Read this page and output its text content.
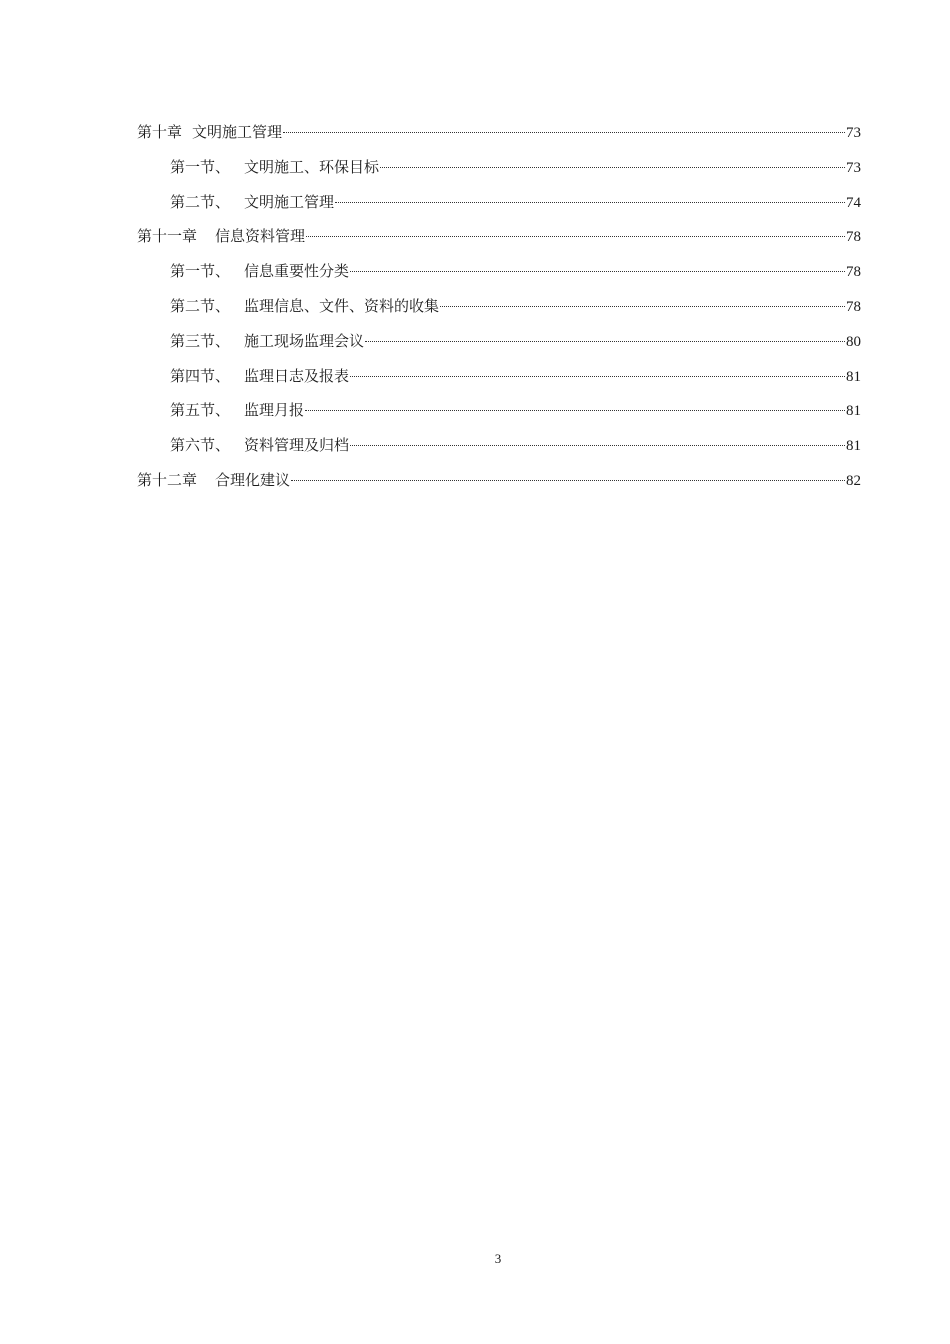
第十章 文明施工管理	73
第一节、 文明施工、环保目标	73
第二节、 文明施工管理	74
第十一章 信息资料管理	78
第一节、 信息重要性分类	78
第二节、 监理信息、文件、资料的收集	78
第三节、 施工现场监理会议	80
第四节、 监理日志及报表	81
第五节、 监理月报	81
第六节、 资料管理及归档	81
第十二章 合理化建议	82
3
